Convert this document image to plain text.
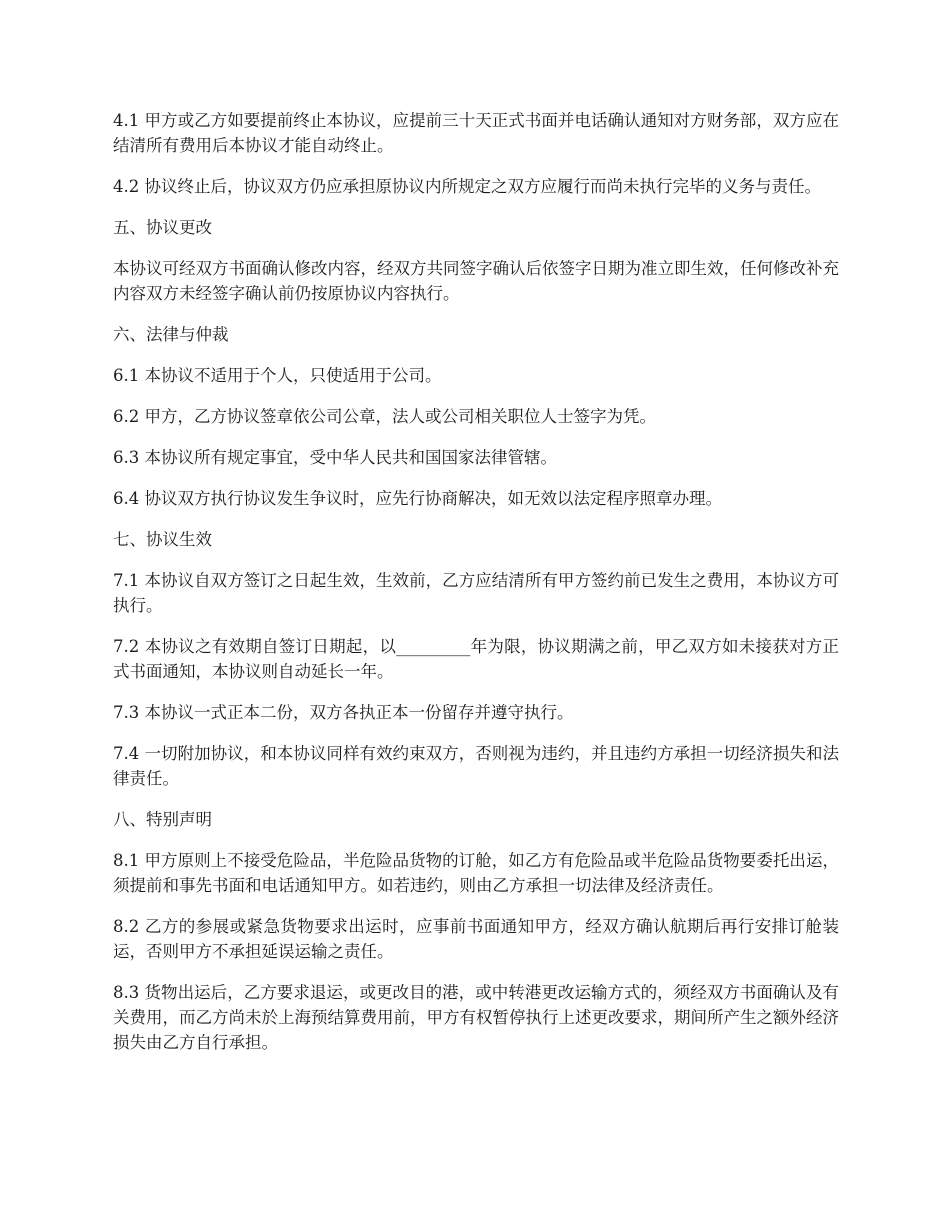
4.1 甲方或乙方如要提前终止本协议，应提前三十天正式书面并电话确认通知对方财务部，双方应在结清所有费用后本协议才能自动终止。

4.2 协议终止后，协议双方仍应承担原协议内所规定之双方应履行而尚未执行完毕的义务与责任。

五、协议更改

本协议可经双方书面确认修改内容，经双方共同签字确认后依签字日期为准立即生效，任何修改补充内容双方未经签字确认前仍按原协议内容执行。

六、法律与仲裁

6.1 本协议不适用于个人，只使适用于公司。

6.2 甲方，乙方协议签章依公司公章，法人或公司相关职位人士签字为凭。

6.3 本协议所有规定事宜，受中华人民共和国国家法律管辖。

6.4 协议双方执行协议发生争议时，应先行协商解决，如无效以法定程序照章办理。

七、协议生效

7.1 本协议自双方签订之日起生效，生效前，乙方应结清所有甲方签约前已发生之费用，本协议方可执行。

7.2 本协议之有效期自签订日期起，以_________年为限，协议期满之前，甲乙双方如未接获对方正式书面通知，本协议则自动延长一年。

7.3 本协议一式正本二份，双方各执正本一份留存并遵守执行。

7.4 一切附加协议，和本协议同样有效约束双方，否则视为违约，并且违约方承担一切经济损失和法律责任。

八、特别声明

8.1 甲方原则上不接受危险品，半危险品货物的订舱，如乙方有危险品或半危险品货物要委托出运，须提前和事先书面和电话通知甲方。如若违约，则由乙方承担一切法律及经济责任。

8.2 乙方的参展或紧急货物要求出运时，应事前书面通知甲方，经双方确认航期后再行安排订舱装运，否则甲方不承担延误运输之责任。

8.3 货物出运后，乙方要求退运，或更改目的港，或中转港更改运输方式的，须经双方书面确认及有关费用，而乙方尚未於上海预结算费用前，甲方有权暂停执行上述更改要求，期间所产生之额外经济损失由乙方自行承担。
